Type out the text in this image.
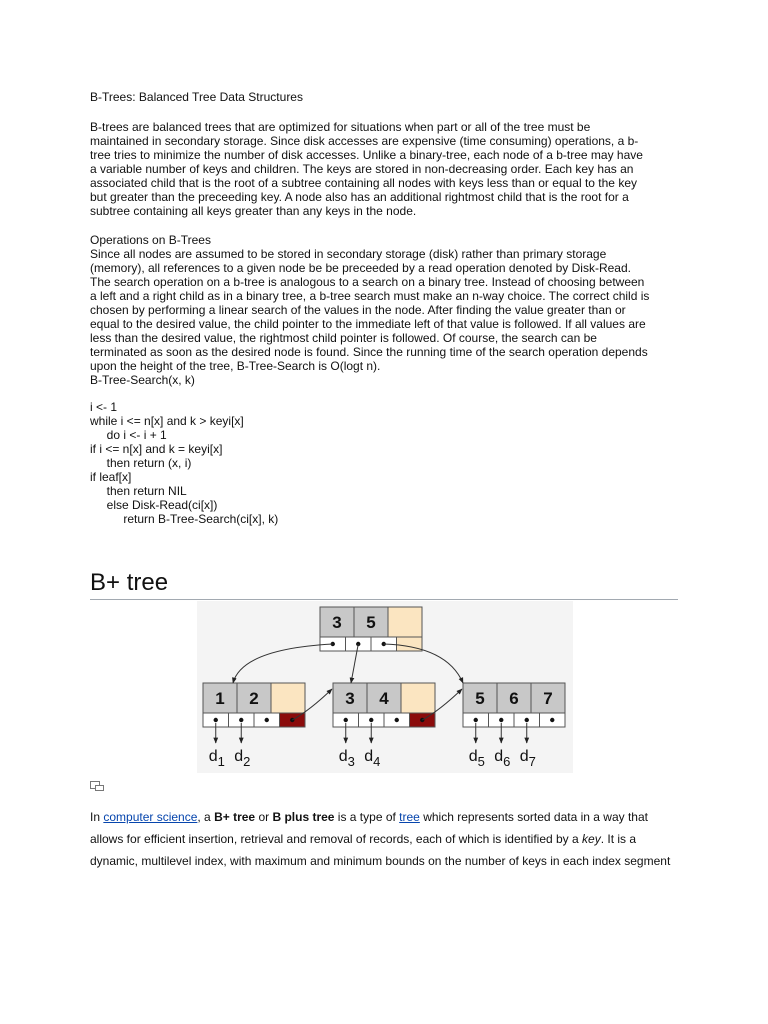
B-Trees: Balanced Tree Data Structures

B-trees are balanced trees that are optimized for situations when part or all of the tree must be
maintained in secondary storage. Since disk accesses are expensive (time consuming) operations, a b-
tree tries to minimize the number of disk accesses. Unlike a binary-tree, each node of a b-tree may have
a variable number of keys and children. The keys are stored in non-decreasing order. Each key has an
associated child that is the root of a subtree containing all nodes with keys less than or equal to the key
but greater than the preceeding key. A node also has an additional rightmost child that is the root for a
subtree containing all keys greater than any keys in the node.

Operations on B-Trees
Since all nodes are assumed to be stored in secondary storage (disk) rather than primary storage
(memory), all references to a given node be be preceeded by a read operation denoted by Disk-Read.
The search operation on a b-tree is analogous to a search on a binary tree. Instead of choosing between
a left and a right child as in a binary tree, a b-tree search must make an n-way choice. The correct child is
chosen by performing a linear search of the values in the node. After finding the value greater than or
equal to the desired value, the child pointer to the immediate left of that value is followed. If all values are
less than the desired value, the rightmost child pointer is followed. Of course, the search can be
terminated as soon as the desired node is found. Since the running time of the search operation depends
upon the height of the tree, B-Tree-Search is O(logt n).
B-Tree-Search(x, k)

i <- 1
while i <= n[x] and k > keyi[x]
do i <- i + 1
if i <= n[x] and k = keyi[x]
then return (x, i)
if leaf[x]
then return NIL
else Disk-Read(ci[x])
return B-Tree-Search(ci[x], k)

B+ tree
3 5
1 2	3 4	5 6 7
$d_1$ $d_2$	$d_3$ $d_4$	$d_5$ $d_6$ $d_7$

In computer science, a B+ tree or B plus tree is a type of tree which represents sorted data in a way that
allows for efficient insertion, retrieval and removal of records, each of which is identified by a key. It is a
dynamic, multilevel index, with maximum and minimum bounds on the number of keys in each index segment
